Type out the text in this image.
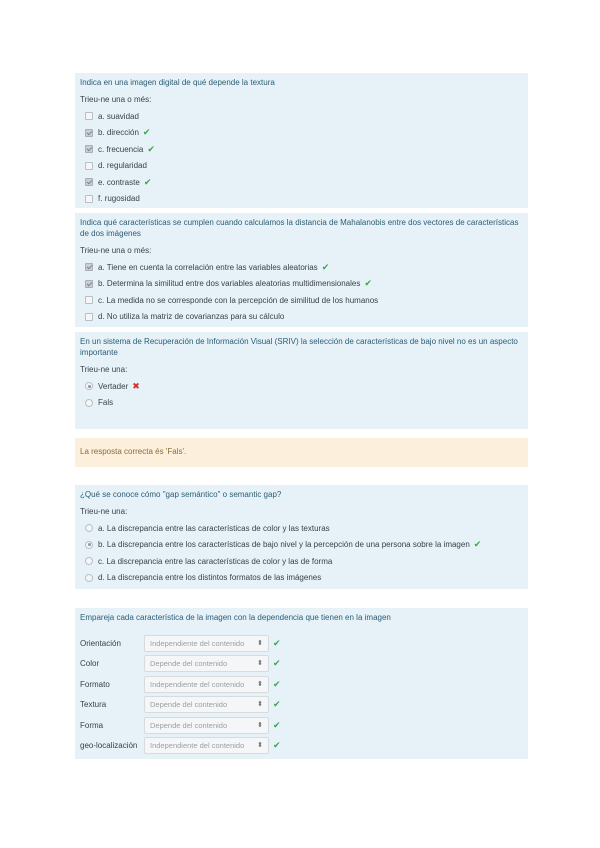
Indica en una imagen digital de qué depende la textura
Trieu-ne una o més:
a. suavidad
b. dirección ✔
c. frecuencia ✔
d. regularidad
e. contraste ✔
f. rugosidad
Indica qué características se cumplen cuando calculamos la distancia de Mahalanobis entre dos vectores de características de dos imágenes
Trieu-ne una o més:
a. Tiene en cuenta la correlación entre las variables aleatorias ✔
b. Determina la similitud entre dos variables aleatorias multidimensionales ✔
c. La medida no se corresponde con la percepción de similitud de los humanos
d. No utiliza la matriz de covarianzas para su cálculo
En un sistema de Recuperación de Información Visual (SRIV) la selección de características de bajo nivel no es un aspecto importante
Trieu-ne una:
Vertader ✖
Fals
La resposta correcta és 'Fals'.
¿Qué se conoce cómo "gap semántico" o semantic gap?
Trieu-ne una:
a. La discrepancia entre las características de color y las texturas
b. La discrepancia entre los características de bajo nivel y la percepción de una persona sobre la imagen ✔
c. La discrepancia entre las características de color y las de forma
d. La discrepancia entre los distintos formatos de las imágenes
Empareja cada característica de la imagen con la dependencia que tienen en la imagen
Orientación	Independiente del contenido ⬍ ✔
Color	Depende del contenido	⬍ ✔
Formato	Independiente del contenido ⬍ ✔
Textura	Depende del contenido	⬍ ✔
Forma	Depende del contenido	⬍ ✔
geo-localización	Independiente del contenido ⬍ ✔
